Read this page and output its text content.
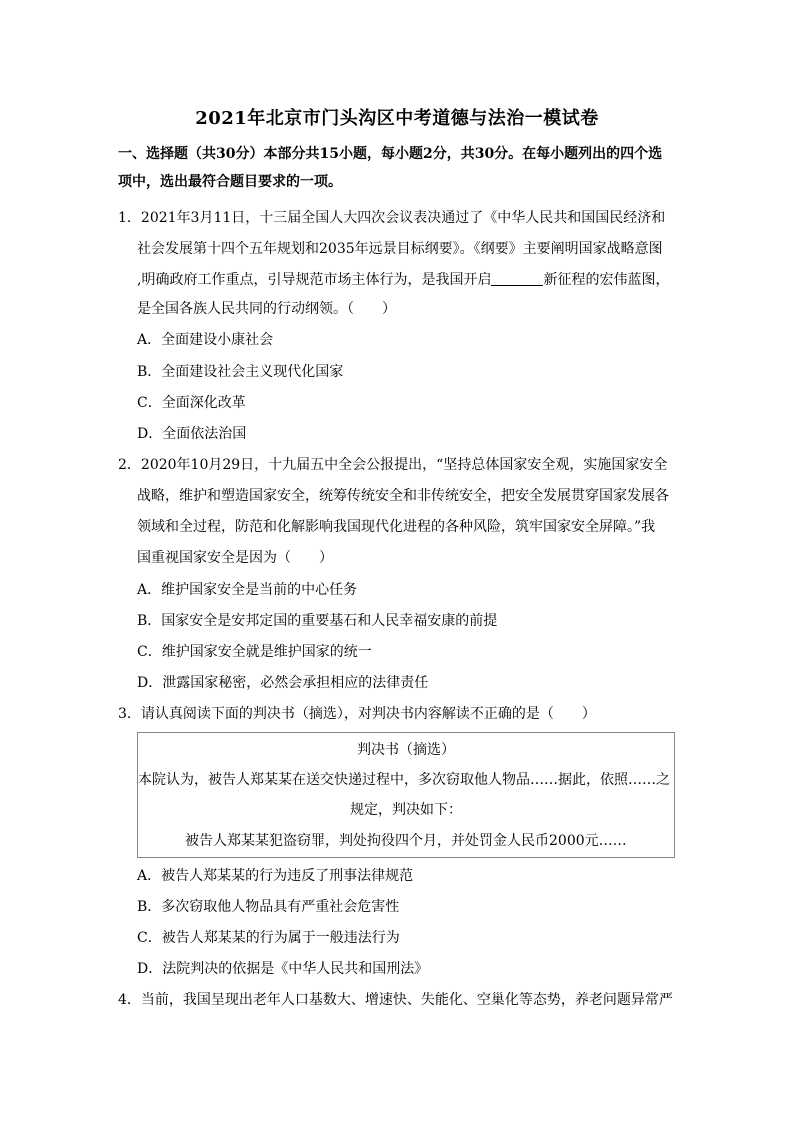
2021年北京市门头沟区中考道德与法治一模试卷
一、选择题（共30分）本部分共15小题，每小题2分，共30分。在每小题列出的四个选
项中，选出最符合题目要求的一项。
1．2021年3月11日，十三届全国人大四次会议表决通过了《中华人民共和国国民经济和
社会发展第十四个五年规划和2035年远景目标纲要》。《纲要》主要阐明国家战略意图
,明确政府工作重点，引导规范市场主体行为，是我国开启	新征程的宏伟蓝图，
是全国各族人民共同的行动纲领。（　　）
A．全面建设小康社会
B．全面建设社会主义现代化国家
C．全面深化改革
D．全面依法治国
2．2020年10月29日，十九届五中全会公报提出，“坚持总体国家安全观，实施国家安全
战略，维护和塑造国家安全，统筹传统安全和非传统安全，把安全发展贯穿国家发展各
领域和全过程，防范和化解影响我国现代化进程的各种风险，筑牢国家安全屏障。”我
国重视国家安全是因为（　　）
A．维护国家安全是当前的中心任务
B．国家安全是安邦定国的重要基石和人民幸福安康的前提
C．维护国家安全就是维护国家的统一
D．泄露国家秘密，必然会承担相应的法律责任
3．请认真阅读下面的判决书（摘选），对判决书内容解读不正确的是（　　）
判决书（摘选）
本院认为，被告人郑某某在送交快递过程中，多次窃取他人物品……据此，依照……之
规定，判决如下：
被告人郑某某犯盗窃罪，判处拘役四个月，并处罚金人民币2000元……
A．被告人郑某某的行为违反了刑事法律规范
B．多次窃取他人物品具有严重社会危害性
C．被告人郑某某的行为属于一般违法行为
D．法院判决的依据是《中华人民共和国刑法》
4．当前，我国呈现出老年人口基数大、增速快、失能化、空巢化等态势，养老问题异常严
